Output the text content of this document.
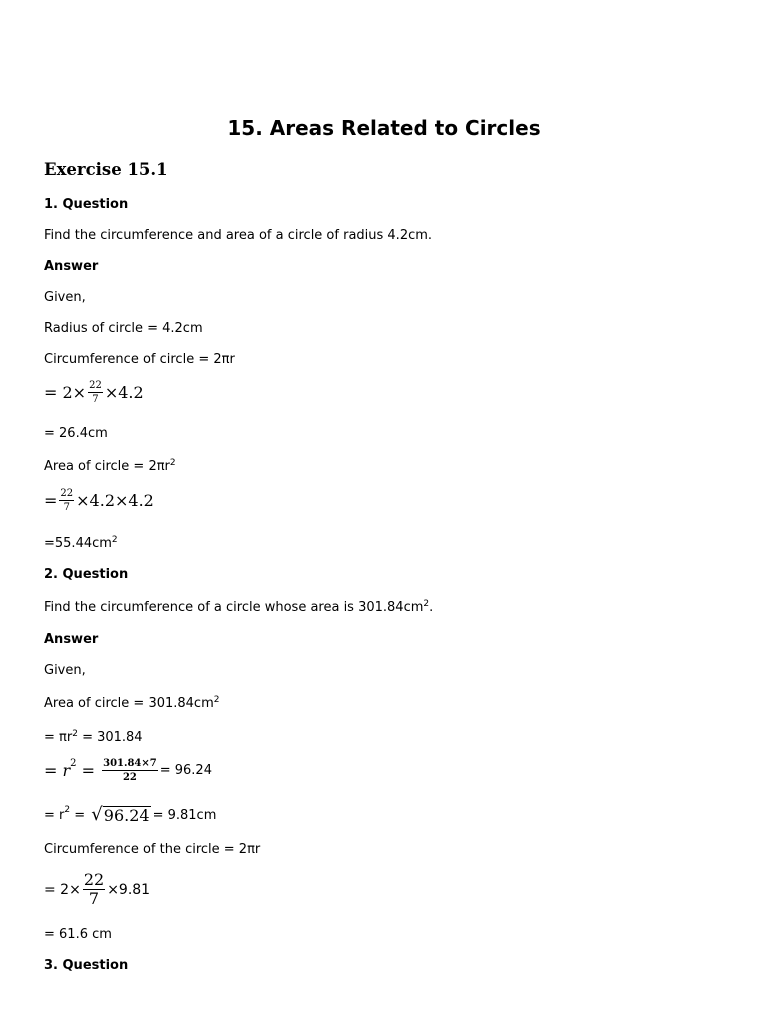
15. Areas Related to Circles
Exercise 15.1
1. Question
Find the circumference and area of a circle of radius 4.2cm.
Answer
Given,
Radius of circle = 4.2cm
Circumference of circle = 2πr
= $2\times \frac{22}{7} \times 4.2$
= 26.4cm
Area of circle = $2\pi r^2$
= $\frac{22}{7} \times 4.2\times 4.2$
$=55.44cm^2$
2. Question
Find the circumference of a circle whose area is $301.84cm^2$.
Answer
Given,
Area of circle = $301.84cm^2$
= $\pi r^2 = 301.84$
= $r^2 = \frac{301.84\times 7}{22} = 96.24$
= $r^2$ = √ 96.24 = 9.81cm
Circumference of the circle = 2πr
= $2\times \frac{22}{7} \times 9.81$
= 61.6 cm
3. Question
